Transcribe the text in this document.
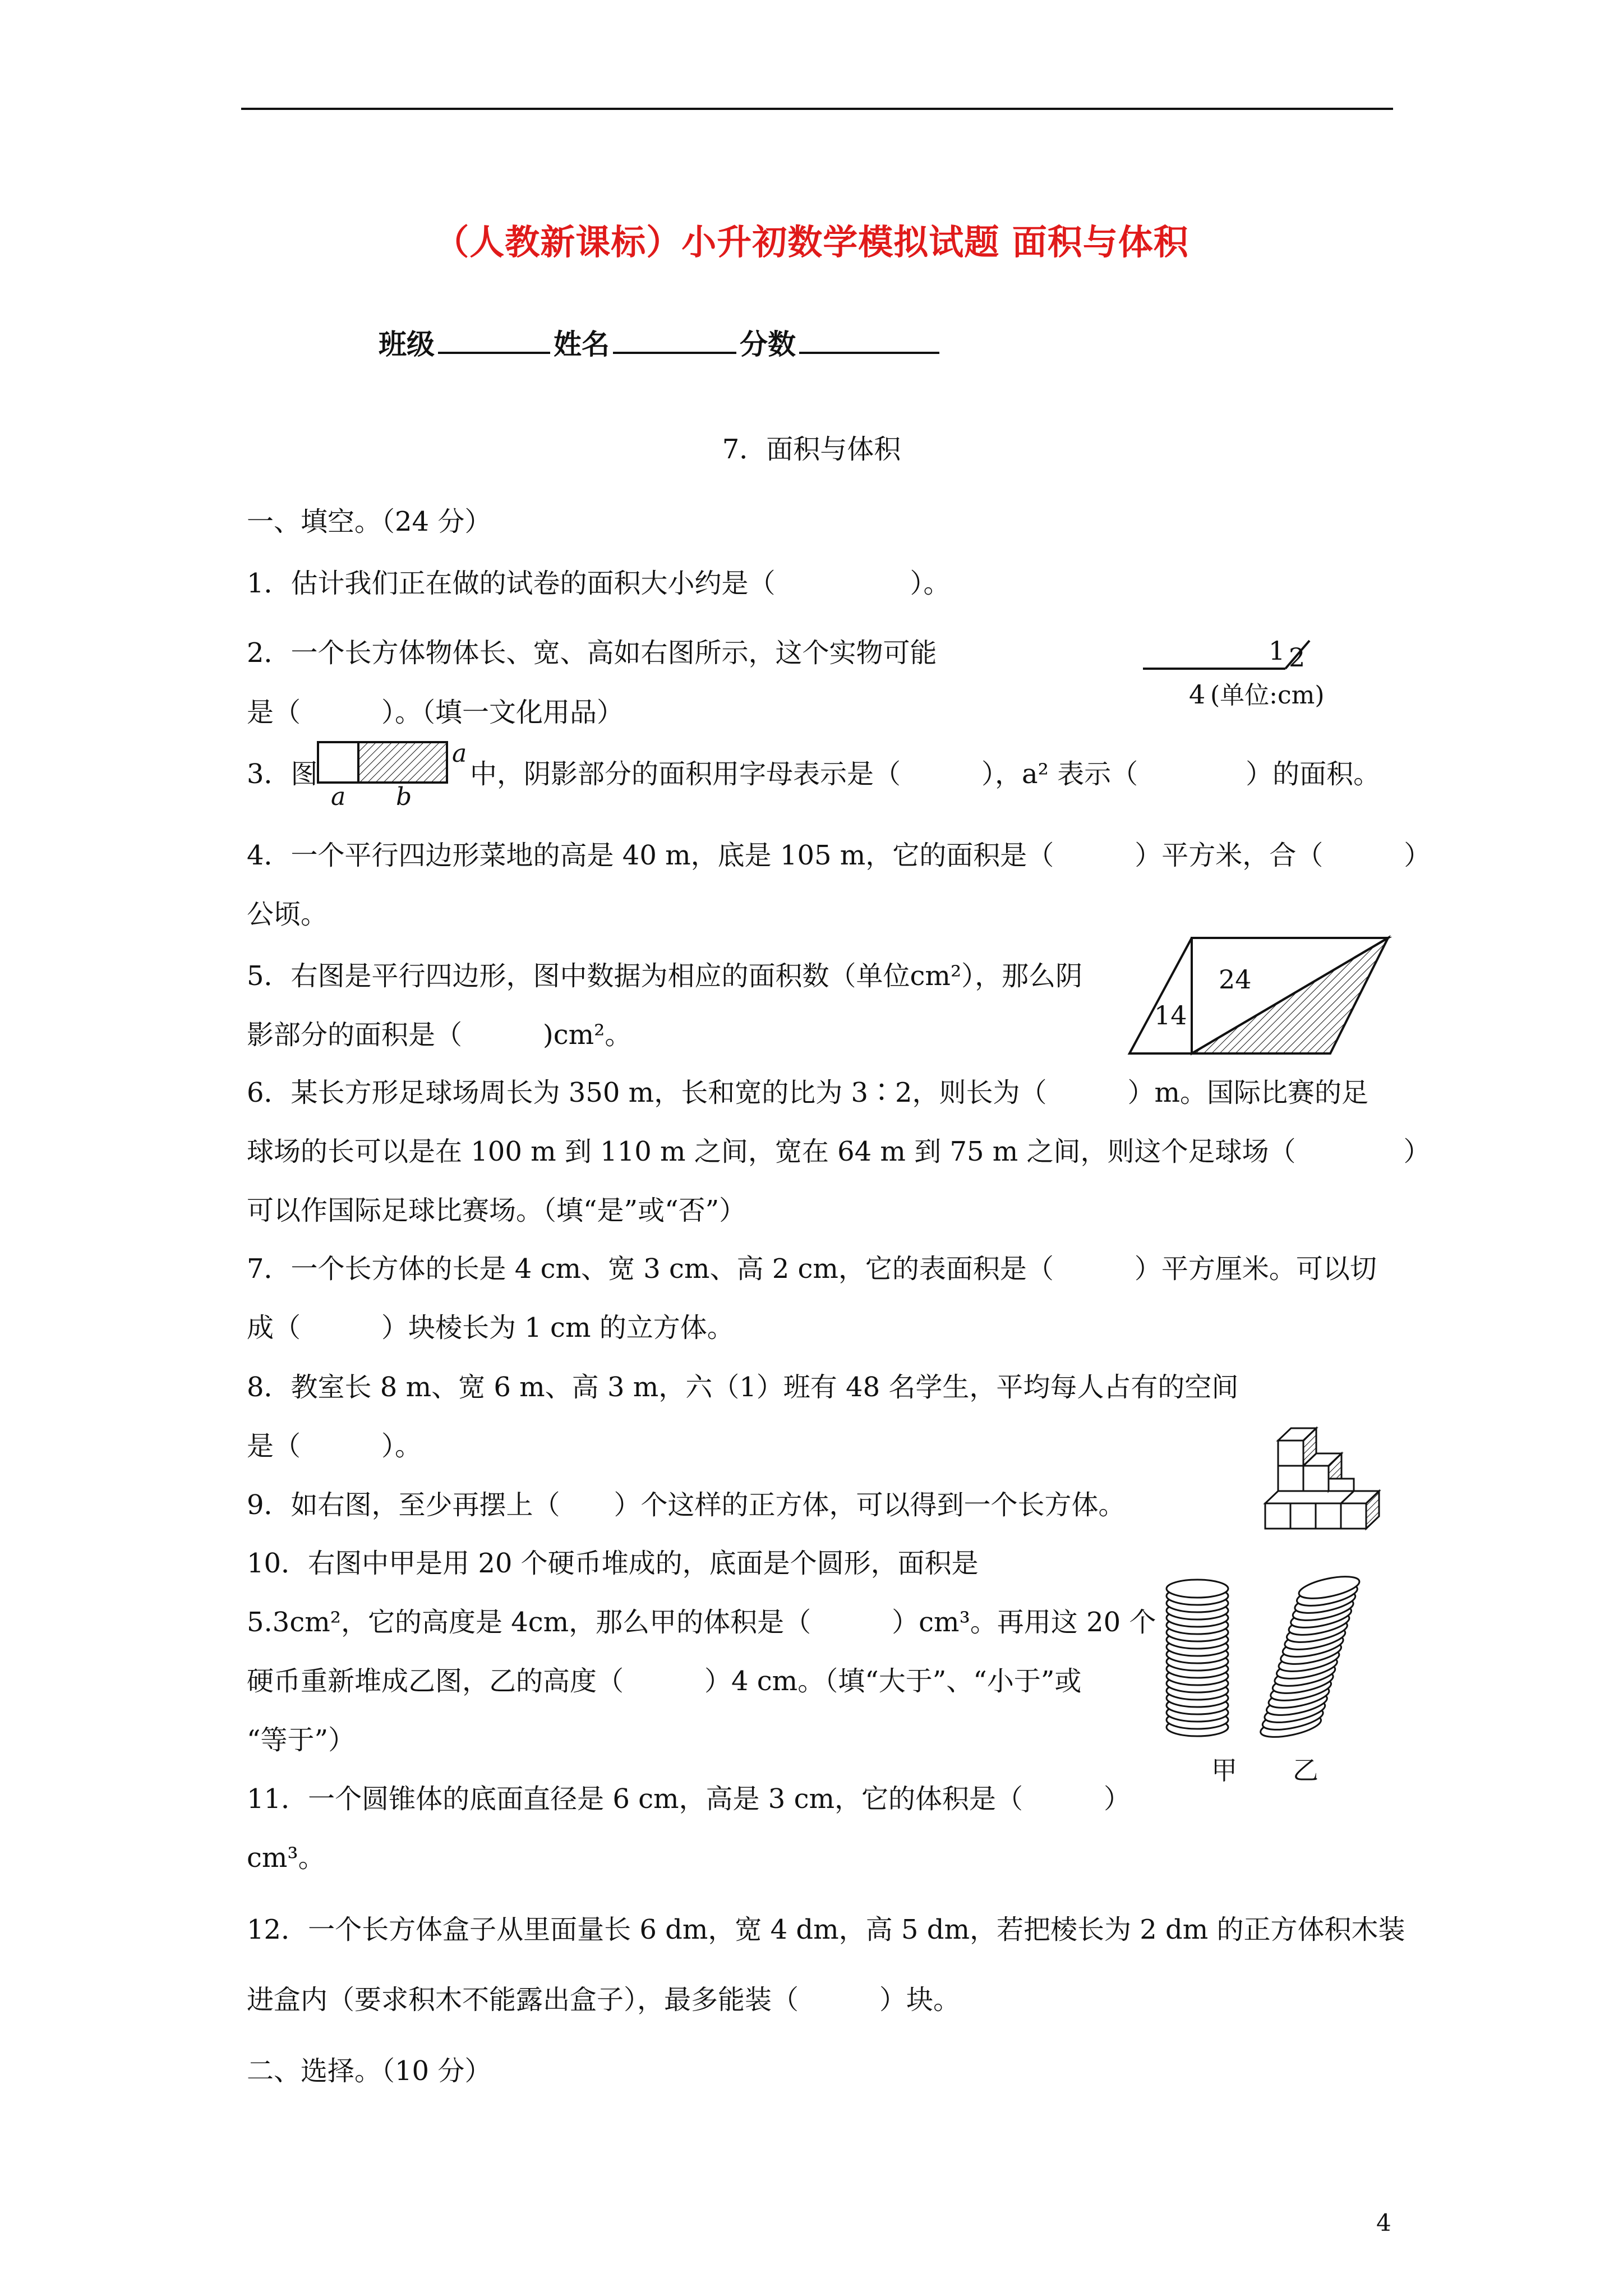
（人教新课标）小升初数学模拟试题 面积与体积
班级	姓名	分数
7．面积与体积
一、填空。（24 分）
1．估计我们正在做的试卷的面积大小约是（　　　　　）。
2．一个长方体物体长、宽、高如右图所示，这个实物可能
是（　　　）。（填一文化用品）
1 2
4 (单位:cm)
3．图
a
a b
中，阴影部分的面积用字母表示是（　　　），a² 表示（　　　　）的面积。
4．一个平行四边形菜地的高是 40 m，底是 105 m，它的面积是（　　　）平方米，合（　　　）
公顷。
5．右图是平行四边形，图中数据为相应的面积数（单位cm²），那么阴
影部分的面积是（　　　)cm²。
14
24
6．某长方形足球场周长为 350 m，长和宽的比为 3∶2，则长为（　　　）m。国际比赛的足
球场的长可以是在 100 m 到 110 m 之间，宽在 64 m 到 75 m 之间，则这个足球场（　　　　）
可以作国际足球比赛场。（填“是”或“否”）
7．一个长方体的长是 4 cm、宽 3 cm、高 2 cm，它的表面积是（　　　）平方厘米。可以切
成（　　　）块棱长为 1 cm 的立方体。
8．教室长 8 m、宽 6 m、高 3 m，六（1）班有 48 名学生，平均每人占有的空间
是（　　　）。
9．如右图，至少再摆上（　　）个这样的正方体，可以得到一个长方体。
10．右图中甲是用 20 个硬币堆成的，底面是个圆形，面积是
5.3cm²，它的高度是 4cm，那么甲的体积是（　　　）cm³。再用这 20 个
硬币重新堆成乙图，乙的高度（　　　）4 cm。（填“大于”、“小于”或
“等于”）
甲 乙
11．一个圆锥体的底面直径是 6 cm，高是 3 cm，它的体积是（　　　）
cm³。
12．一个长方体盒子从里面量长 6 dm，宽 4 dm，高 5 dm，若把棱长为 2 dm 的正方体积木装
进盒内（要求积木不能露出盒子），最多能装（　　　）块。
二、选择。（10 分）
4
